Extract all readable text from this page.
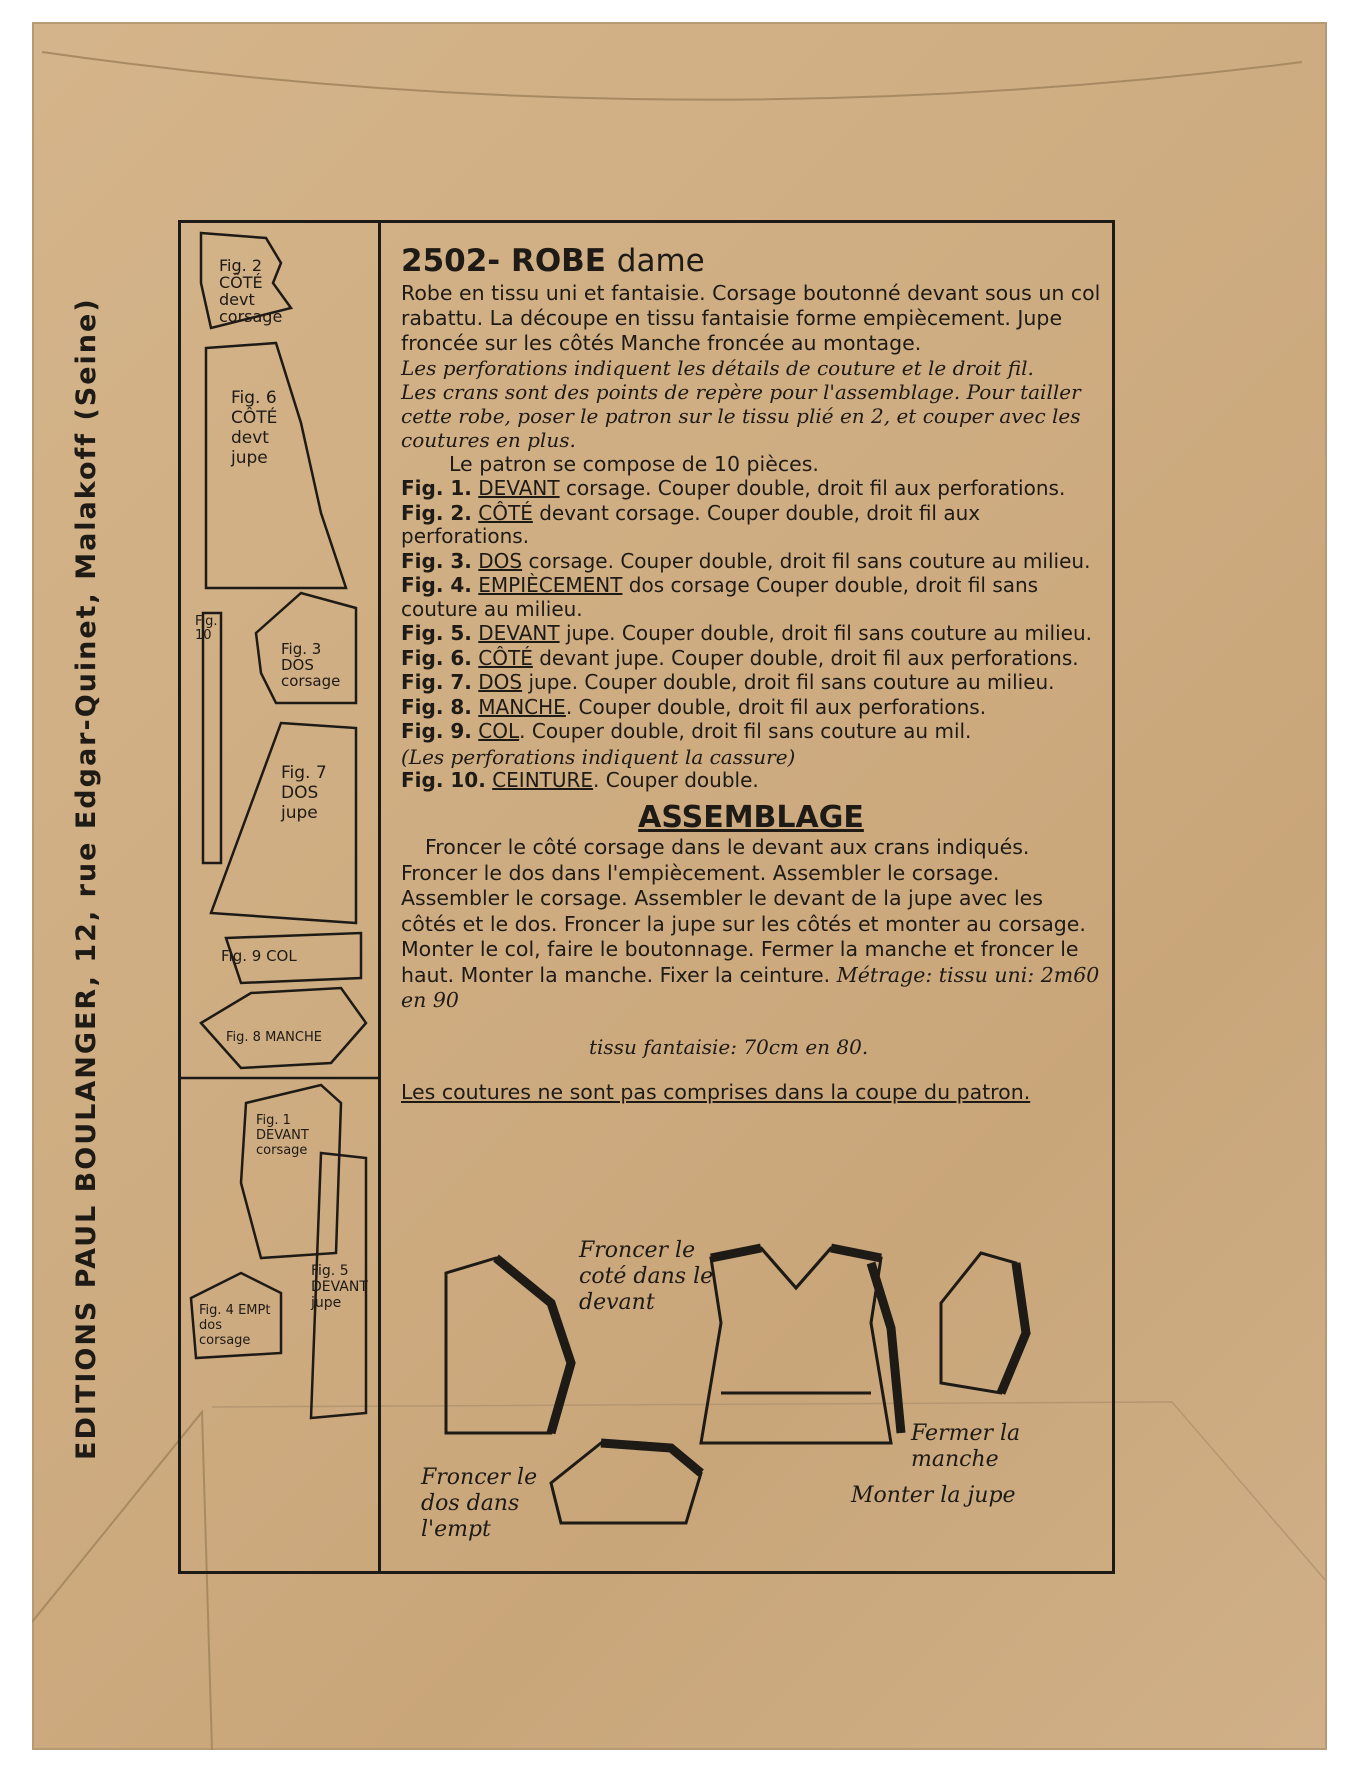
EDITIONS PAUL BOULANGER, 12, rue Edgar-Quinet, Malakoff (Seine)
Fig. 2 CÔTÉ devt corsage
Fig. 6 CÔTÉ devt jupe
Fig. 10
Fig. 3 DOS corsage
Fig. 7 DOS jupe
Fig. 9 COL
Fig. 8 MANCHE
Fig. 1 DEVANT corsage
Fig. 4 EMPt dos corsage
Fig. 5 DEVANT jupe
2502- ROBE dame

Robe en tissu uni et fantaisie. Corsage boutonné devant sous un col rabattu. La découpe en tissu fantaisie forme empiècement. Jupe froncée sur les côtés Manche froncée au montage.

Les perforations indiquent les détails de couture et le droit fil.

Les crans sont des points de repère pour l'assemblage. Pour tailler cette robe, poser le patron sur le tissu plié en 2, et couper avec les coutures en plus.

Le patron se compose de 10 pièces.

Fig. 1. DEVANT corsage. Couper double, droit fil aux perforations.

Fig. 2. CÔTÉ devant corsage. Couper double, droit fil aux perforations.

Fig. 3. DOS corsage. Couper double, droit fil sans couture au milieu.

Fig. 4. EMPIÈCEMENT dos corsage Couper double, droit fil sans couture au milieu.

Fig. 5. DEVANT jupe. Couper double, droit fil sans couture au milieu.

Fig. 6. CÔTÉ devant jupe. Couper double, droit fil aux perforations.

Fig. 7. DOS jupe. Couper double, droit fil sans couture au milieu.

Fig. 8. MANCHE. Couper double, droit fil aux perforations.

Fig. 9. COL. Couper double, droit fil sans couture au mil.

(Les perforations indiquent la cassure)

Fig. 10. CEINTURE. Couper double.

ASSEMBLAGE

Froncer le côté corsage dans le devant aux crans indiqués. Froncer le dos dans l'empiècement. Assembler le corsage. Assembler le corsage. Assembler le devant de la jupe avec les côtés et le dos. Froncer la jupe sur les côtés et monter au corsage. Monter le col, faire le boutonnage. Fermer la manche et froncer le haut. Monter la manche. Fixer la ceinture. Métrage: tissu uni: 2m60 en 90

tissu fantaisie: 70cm en 80.

Les coutures ne sont pas comprises dans la coupe du patron.

Froncer le coté dans le devant
Froncer le dos dans l'empt
Fermer la manche
Monter la jupe
